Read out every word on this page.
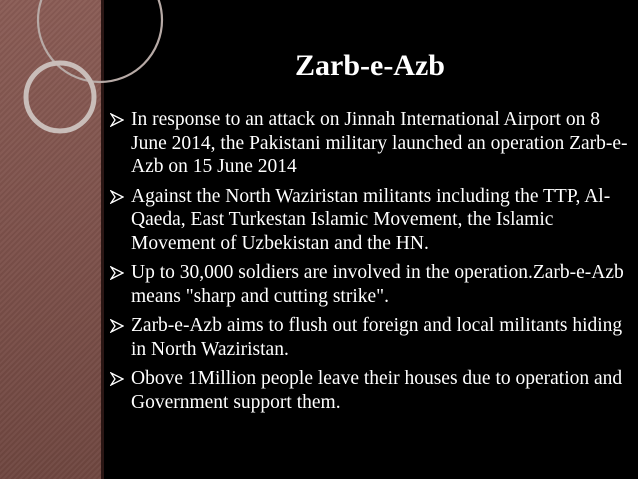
Zarb-e-Azb
In response to an attack on Jinnah International Airport on 8 June 2014, the Pakistani military launched an operation Zarb-e-Azb on 15 June 2014
Against the North Waziristan militants including the TTP, Al-Qaeda, East Turkestan Islamic Movement, the Islamic Movement of Uzbekistan and the HN.
Up to 30,000 soldiers are involved in the operation.Zarb-e-Azb means "sharp and cutting strike".
Zarb-e-Azb aims to flush out foreign and local militants hiding in North Waziristan.
Obove 1Million people leave their houses due to operation and Government support them.
